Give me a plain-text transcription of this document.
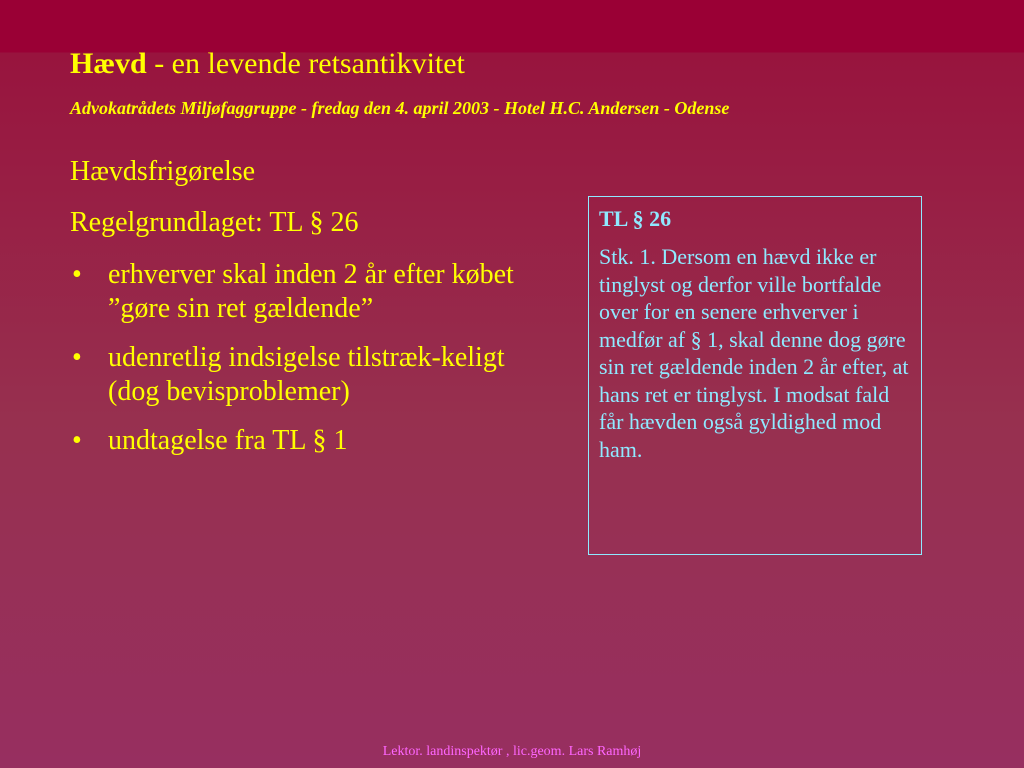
Hævd - en levende retsantikvitet
Advokatrådets Miljøfaggruppe - fredag den 4. april 2003 - Hotel H.C. Andersen - Odense
Hævdsfrigørelse
Regelgrundlaget: TL § 26
• erhverver skal inden 2 år efter købet ”gøre sin ret gældende”
• udenretlig indsigelse tilstræk-keligt (dog bevisproblemer)
• undtagelse fra TL § 1
TL § 26
Stk. 1. Dersom en hævd ikke er tinglyst og derfor ville bortfalde over for en senere erhverver i medfør af § 1, skal denne dog gøre sin ret gældende inden 2 år efter, at hans ret er tinglyst. I modsat fald får hævden også gyldighed mod ham.
Lektor. landinspektør , lic.geom. Lars Ramhøj
